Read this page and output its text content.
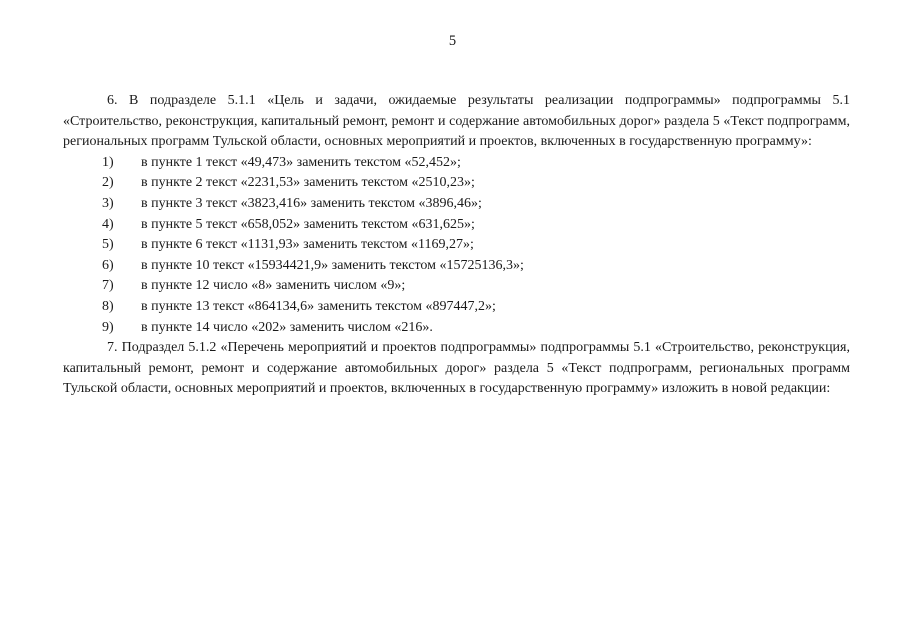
5

6. В подразделе 5.1.1 «Цель и задачи, ожидаемые результаты реализации подпрограммы» подпрограммы 5.1 «Строительство, реконструкция, капитальный ремонт, ремонт и содержание автомобильных дорог» раздела 5 «Текст подпрограмм, региональных программ Тульской области, основных мероприятий и проектов, включенных в государственную программу»:

1)	в пункте 1 текст «49,473» заменить текстом «52,452»;
2)	в пункте 2 текст «2231,53» заменить текстом «2510,23»;
3)	в пункте 3 текст «3823,416» заменить текстом «3896,46»;
4)	в пункте 5 текст «658,052» заменить текстом «631,625»;
5)	в пункте 6 текст «1131,93» заменить текстом «1169,27»;
6)	в пункте 10 текст «15934421,9» заменить текстом «15725136,3»;
7)	в пункте 12 число «8» заменить числом «9»;
8)	в пункте 13 текст «864134,6» заменить текстом «897447,2»;
9)	в пункте 14 число «202» заменить числом «216».

7. Подраздел 5.1.2 «Перечень мероприятий и проектов подпрограммы» подпрограммы 5.1 «Строительство, реконструкция, капитальный ремонт, ремонт и содержание автомобильных дорог» раздела 5 «Текст подпрограмм, региональных программ Тульской области, основных мероприятий и проектов, включенных в государственную программу» изложить в новой редакции:
